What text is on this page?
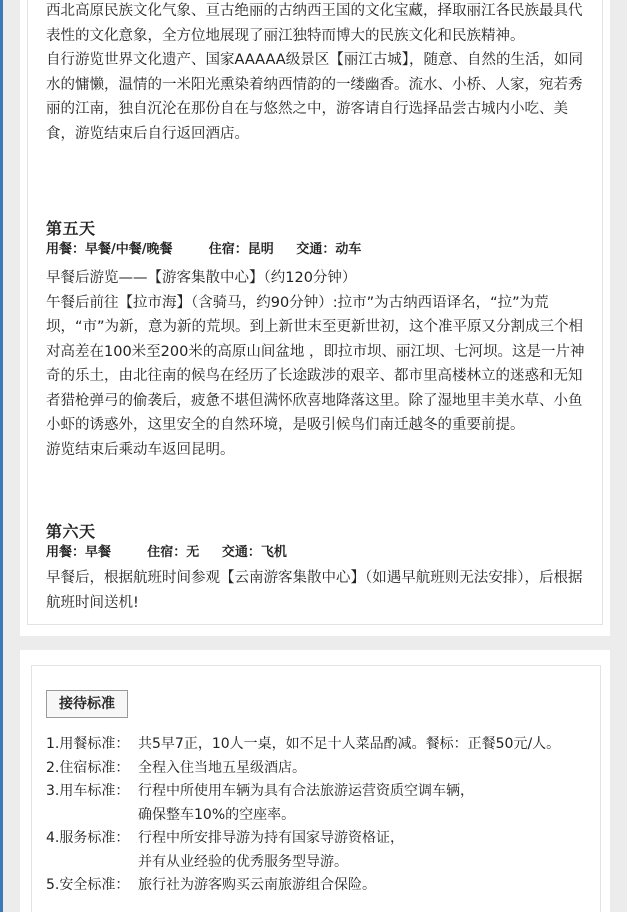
西北高原民族文化气象、亘古绝丽的古纳西王国的文化宝藏，择取丽江各民族最具代表性的文化意象，全方位地展现了丽江独特而博大的民族文化和民族精神。

自行游览世界文化遗产、国家AAAAA级景区【丽江古城】，随意、自然的生活，如同水的慵懒，温情的一米阳光熏染着纳西情韵的一缕幽香。流水、小桥、人家，宛若秀丽的江南，独自沉沦在那份自在与悠然之中，游客请自行选择品尝古城内小吃、美食，游览结束后自行返回酒店。

第五天
用餐：早餐/中餐/晚餐        住宿：昆明     交通：动车

早餐后游览——【游客集散中心】（约120分钟）

午餐后前往【拉市海】（含骑马，约90分钟）:拉市”为古纳西语译名，“拉”为荒坝，“市”为新，意为新的荒坝。到上新世末至更新世初，这个准平原又分割成三个相对高差在100米至200米的高原山间盆地 ，即拉市坝、丽江坝、七河坝。这是一片神奇的乐土，由北往南的候鸟在经历了长途跋涉的艰辛、都市里高楼林立的迷惑和无知者猎枪弹弓的偷袭后，疲惫不堪但满怀欣喜地降落这里。除了湿地里丰美水草、小鱼小虾的诱惑外，这里安全的自然环境，是吸引候鸟们南迁越冬的重要前提。

游览结束后乘动车返回昆明。

第六天
用餐：早餐        住宿：无     交通：飞机

早餐后，根据航班时间参观【云南游客集散中心】（如遇早航班则无法安排），后根据航班时间送机!

接待标准
1.用餐标准： 共5早7正，10人一桌，如不足十人菜品酌减。餐标：正餐50元/人。
2.住宿标准： 全程入住当地五星级酒店。
3.用车标准： 行程中所使用车辆为具有合法旅游运营资质空调车辆，
确保整车10%的空座率。
4.服务标准： 行程中所安排导游为持有国家导游资格证，
并有从业经验的优秀服务型导游。
5.安全标准： 旅行社为游客购买云南旅游组合保险。
